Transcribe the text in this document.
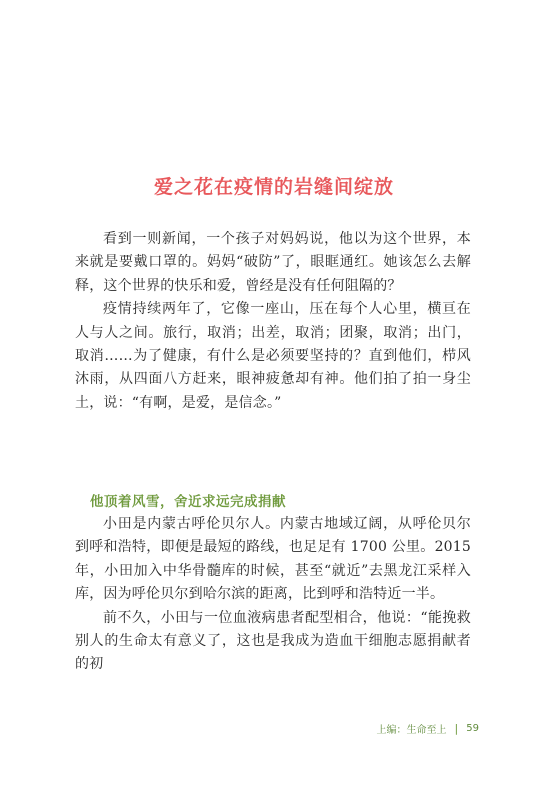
爱之花在疫情的岩缝间绽放

看到一则新闻，一个孩子对妈妈说，他以为这个世界，本来就是要戴口罩的。妈妈“破防”了，眼眶通红。她该怎么去解释，这个世界的快乐和爱，曾经是没有任何阻隔的？

疫情持续两年了，它像一座山，压在每个人心里，横亘在人与人之间。旅行，取消；出差，取消；团聚，取消；出门，取消……为了健康，有什么是必须要坚持的？直到他们，栉风沐雨，从四面八方赶来，眼神疲惫却有神。他们拍了拍一身尘土，说：“有啊，是爱，是信念。”

他顶着风雪，舍近求远完成捐献

小田是内蒙古呼伦贝尔人。内蒙古地域辽阔，从呼伦贝尔到呼和浩特，即便是最短的路线，也足足有 1700 公里。2015 年，小田加入中华骨髓库的时候，甚至“就近”去黑龙江采样入库，因为呼伦贝尔到哈尔滨的距离，比到呼和浩特近一半。

前不久，小田与一位血液病患者配型相合，他说：“能挽救别人的生命太有意义了，这也是我成为造血干细胞志愿捐献者的初

上编：生命至上 | 59
